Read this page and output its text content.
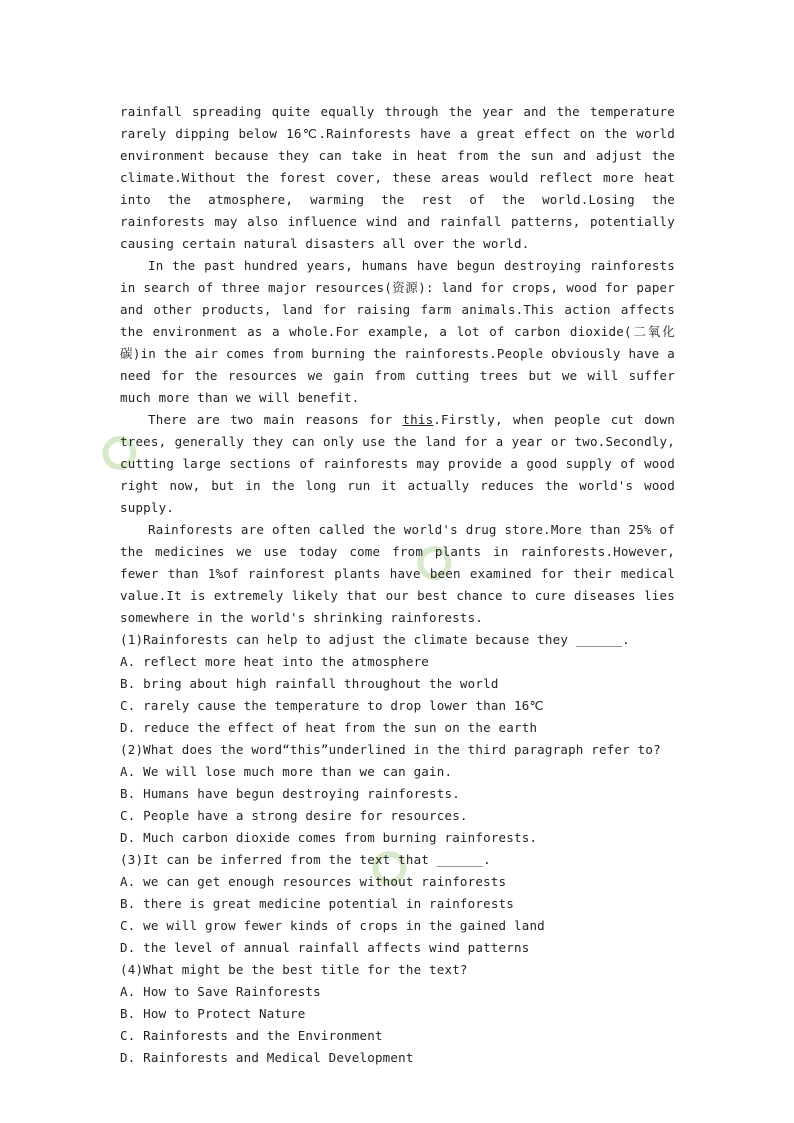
rainfall spreading quite equally through the year and the temperature rarely dipping below 16℃.Rainforests have a great effect on the world environment because they can take in heat from the sun and adjust the climate.Without the forest cover, these areas would reflect more heat into the atmosphere, warming the rest of the world.Losing the rainforests may also influence wind and rainfall patterns, potentially causing certain natural disasters all over the world.

In the past hundred years, humans have begun destroying rainforests in search of three major resources(资源): land for crops, wood for paper and other products, land for raising farm animals.This action affects the environment as a whole.For example, a lot of carbon dioxide(二氧化碳)in the air comes from burning the rainforests.People obviously have a need for the resources we gain from cutting trees but we will suffer much more than we will benefit.

There are two main reasons for this.Firstly, when people cut down trees, generally they can only use the land for a year or two.Secondly, cutting large sections of rainforests may provide a good supply of wood right now, but in the long run it actually reduces the world's wood supply.

Rainforests are often called the world's drug store.More than 25% of the medicines we use today come from plants in rainforests.However, fewer than 1%of rainforest plants have been examined for their medical value.It is extremely likely that our best chance to cure diseases lies somewhere in the world's shrinking rainforests.

(1)Rainforests can help to adjust the climate because they ______.

A. reflect more heat into the atmosphere

B. bring about high rainfall throughout the world

C. rarely cause the temperature to drop lower than 16℃

D. reduce the effect of heat from the sun on the earth

(2)What does the word“this”underlined in the third paragraph refer to?

A. We will lose much more than we can gain.

B. Humans have begun destroying rainforests.

C. People have a strong desire for resources.

D. Much carbon dioxide comes from burning rainforests.

(3)It can be inferred from the text that ______.

A. we can get enough resources without rainforests

B. there is great medicine potential in rainforests

C. we will grow fewer kinds of crops in the gained land

D. the level of annual rainfall affects wind patterns

(4)What might be the best title for the text?

A. How to Save Rainforests

B. How to Protect Nature

C. Rainforests and the Environment

D. Rainforests and Medical Development
